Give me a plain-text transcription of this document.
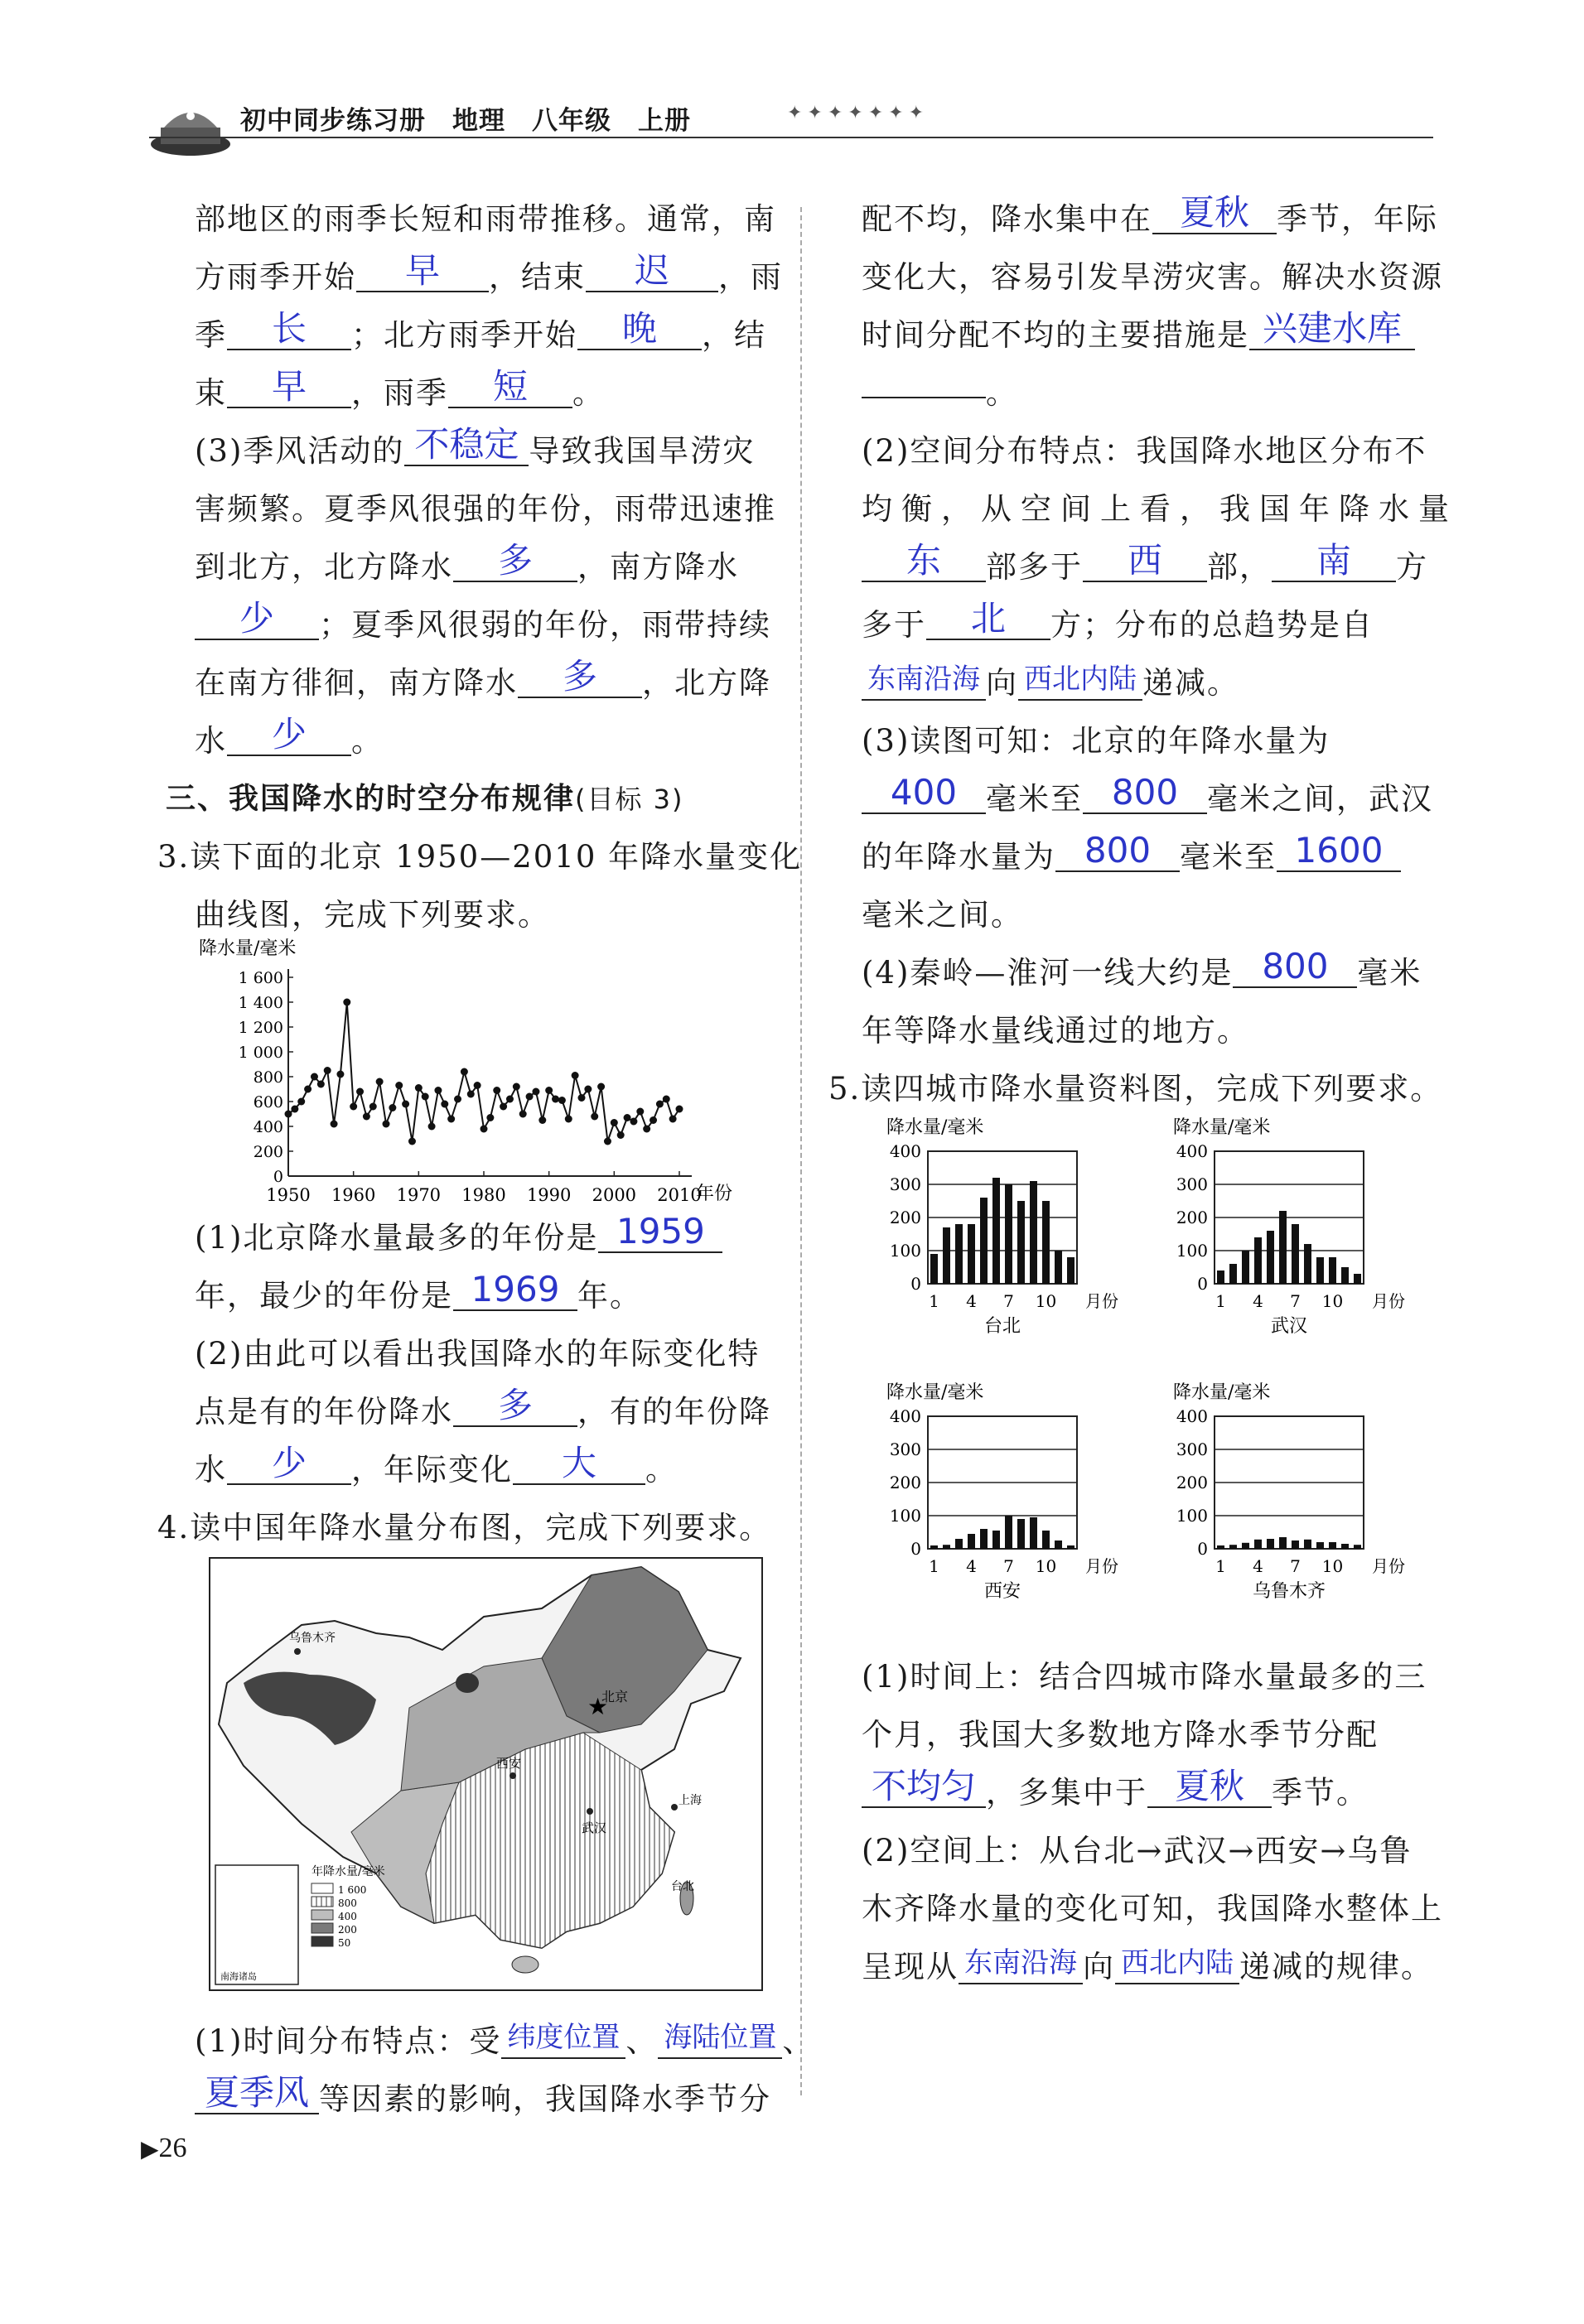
初中同步练习册　地理　八年级　上册	✦✦✦✦✦✦✦
部地区的雨季长短和雨带推移。通常，南
方雨季开始 早 ，结束 迟 ，雨
季 长 ；北方雨季开始 晚 ，结
束 早 ，雨季 短 。
(3)季风活动的 不稳定 导致我国旱涝灾
害频繁。夏季风很强的年份，雨带迅速推
到北方，北方降水 多 ，南方降水
少 ；夏季风很弱的年份，雨带持续
在南方徘徊，南方降水 多 ，北方降
水 少 。
三、我国降水的时空分布规律(目标 3)
3.读下面的北京 1950—2010 年降水量变化
曲线图，完成下列要求。
降水量/毫米
0
200
400
600
800
1 000
1 200
1 400
1 600
1950 1960 1970 1980 1990 2000 2010
年份
(1)北京降水量最多的年份是 1959
年，最少的年份是 1969 年。
(2)由此可以看出我国降水的年际变化特
点是有的年份降水 多 ，有的年份降
水 少 ，年际变化 大 。
4.读中国年降水量分布图，完成下列要求。
南海诸岛
乌鲁木齐
★
北京
西安
武汉
上海
台北
年降水量/毫米
1 600
800
400
200
50
(1)时间分布特点：受 纬度位置 、 海陆位置 、
夏季风 等因素的影响，我国降水季节分
配不均，降水集中在 夏秋 季节，年际
变化大，容易引发旱涝灾害。解决水资源
时间分配不均的主要措施是 兴建水库
。
(2)空间分布特点：我国降水地区分布不
均衡，从空间上看，我国年降水量
东 部多于 西 部， 南 方
多于 北 方；分布的总趋势是自
东南沿海 向 西北内陆 递减。
(3)读图可知：北京的年降水量为
400 毫米至 800 毫米之间，武汉
的年降水量为 800 毫米至 1600
毫米之间。
(4)秦岭—淮河一线大约是 800 毫米
年等降水量线通过的地方。
5.读四城市降水量资料图，完成下列要求。
降水量/毫米
0
100
200
300
400
1 4 7 10 月份
台北
降水量/毫米
0
100
200
300
400
1 4 7 10 月份
武汉
降水量/毫米
0
100
200
300
400
1 4 7 10 月份
西安
降水量/毫米
0
100
200
300
400
1 4 7 10 月份
乌鲁木齐
(1)时间上：结合四城市降水量最多的三
个月，我国大多数地方降水季节分配
不均匀 ，多集中于 夏秋 季节。
(2)空间上：从台北→武汉→西安→乌鲁
木齐降水量的变化可知，我国降水整体上
呈现从 东南沿海 向 西北内陆 递减的规律。
▶26
